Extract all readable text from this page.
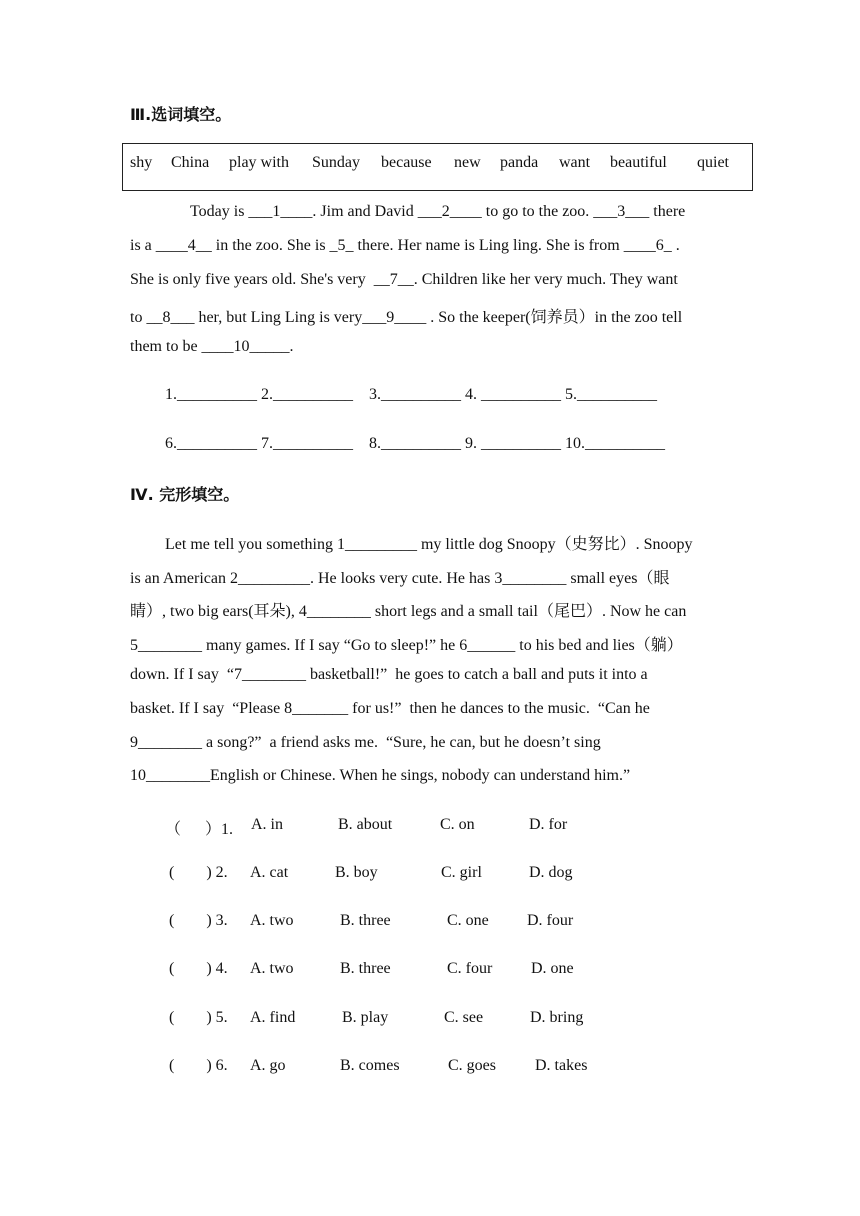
Ⅲ.选词填空。
shy China play with Sunday because new panda want beautiful quiet
Today is ___1____. Jim and David ___2____ to go to the zoo. ___3___ there
is a ____4__ in the zoo. She is _5_ there. Her name is Ling ling. She is from ____6_ .
She is only five years old. She's very  __7__. Children like her very much. They want
to __8___ her, but Ling Ling is very___9____ . So the keeper(饲养员）in the zoo tell
them to be ____10_____.
1.__________ 2.__________    3.__________ 4. __________ 5.__________
6.__________ 7.__________    8.__________ 9. __________ 10.__________
Ⅳ. 完形填空。
Let me tell you something 1_________ my little dog Snoopy（史努比）. Snoopy
is an American 2_________. He looks very cute. He has 3________ small eyes（眼
睛）, two big ears(耳朵), 4________ short legs and a small tail（尾巴）. Now he can
5________ many games. If I say “Go to sleep!” he 6______ to his bed and lies（躺）
down. If I say  “7________ basketball!”  he goes to catch a ball and puts it into a
basket. If I say  “Please 8_______ for us!”  then he dances to the music.  “Can he
9________ a song?”  a friend asks me.  “Sure, he can, but he doesn’t sing
10________English or Chinese. When he sings, nobody can understand him.”
（      ）1. A. in	B. about	C. on	D. for
(        ) 2. A. cat	B. boy	C. girl	D. dog
(        ) 3. A. two	B. three	C. one D. four
(        ) 4. A. two	B. three	C. four D. one
(        ) 5. A. find	B. play	C. see	D. bring
(        ) 6. A. go	B. comes	C. goes D. takes
